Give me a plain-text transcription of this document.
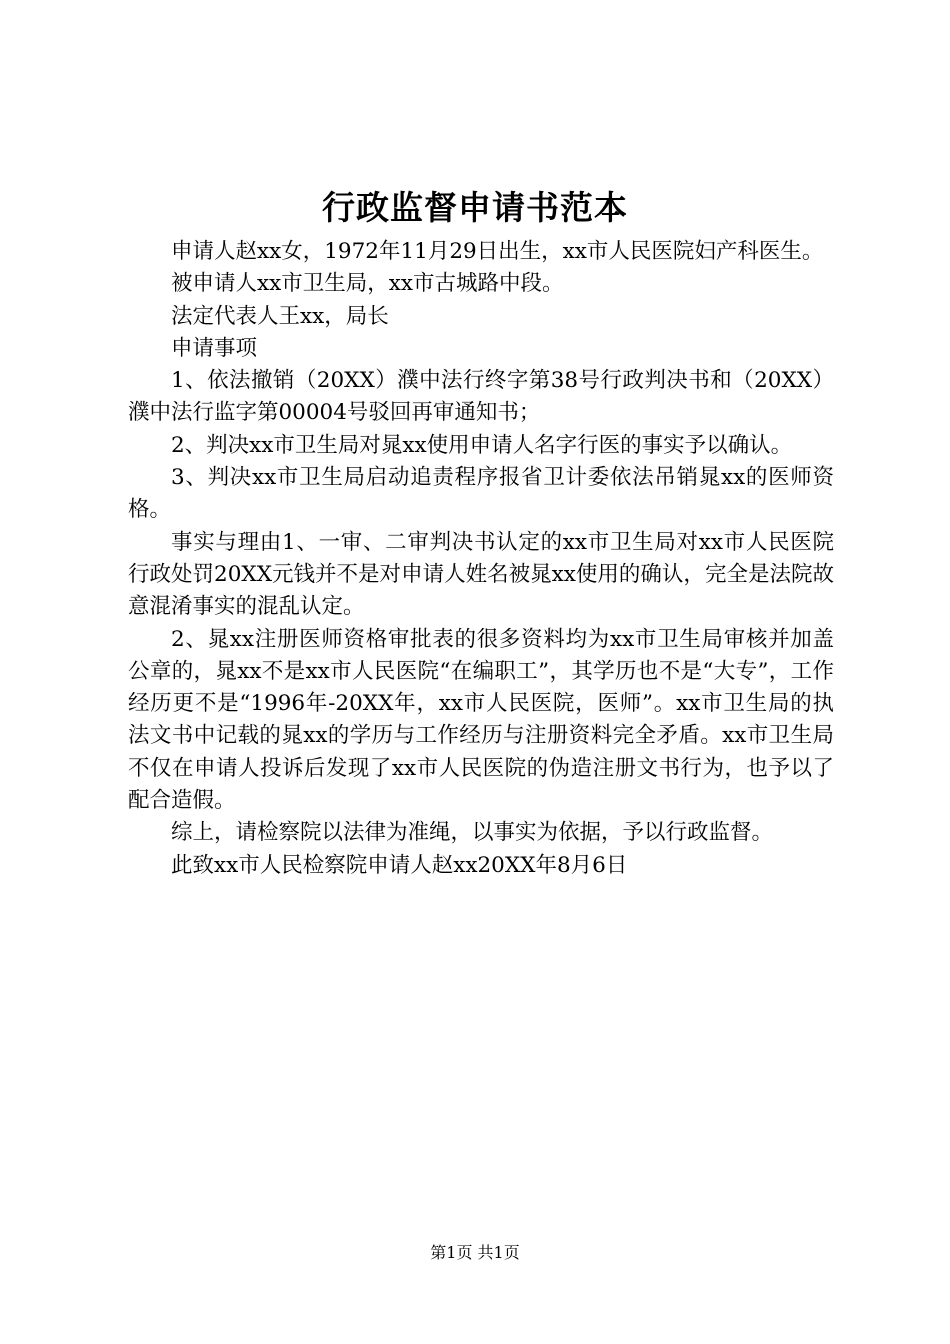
行政监督申请书范本

申请人赵xx女，1972年11月29日出生，xx市人民医院妇产科医生。

被申请人xx市卫生局，xx市古城路中段。

法定代表人王xx，局长

申请事项

1、依法撤销（20XX）濮中法行终字第38号行政判决书和（20XX）濮中法行监字第00004号驳回再审通知书；

2、判决xx市卫生局对晁xx使用申请人名字行医的事实予以确认。

3、判决xx市卫生局启动追责程序报省卫计委依法吊销晁xx的医师资格。

事实与理由1、一审、二审判决书认定的xx市卫生局对xx市人民医院行政处罚20XX元钱并不是对申请人姓名被晁xx使用的确认，完全是法院故意混淆事实的混乱认定。

2、晁xx注册医师资格审批表的很多资料均为xx市卫生局审核并加盖公章的，晁xx不是xx市人民医院“在编职工”，其学历也不是“大专”，工作经历更不是“1996年-20XX年，xx市人民医院，医师”。xx市卫生局的执法文书中记载的晁xx的学历与工作经历与注册资料完全矛盾。xx市卫生局不仅在申请人投诉后发现了xx市人民医院的伪造注册文书行为，也予以了配合造假。

综上，请检察院以法律为准绳，以事实为依据，予以行政监督。

此致xx市人民检察院申请人赵xx20XX年8月6日

第1页 共1页
